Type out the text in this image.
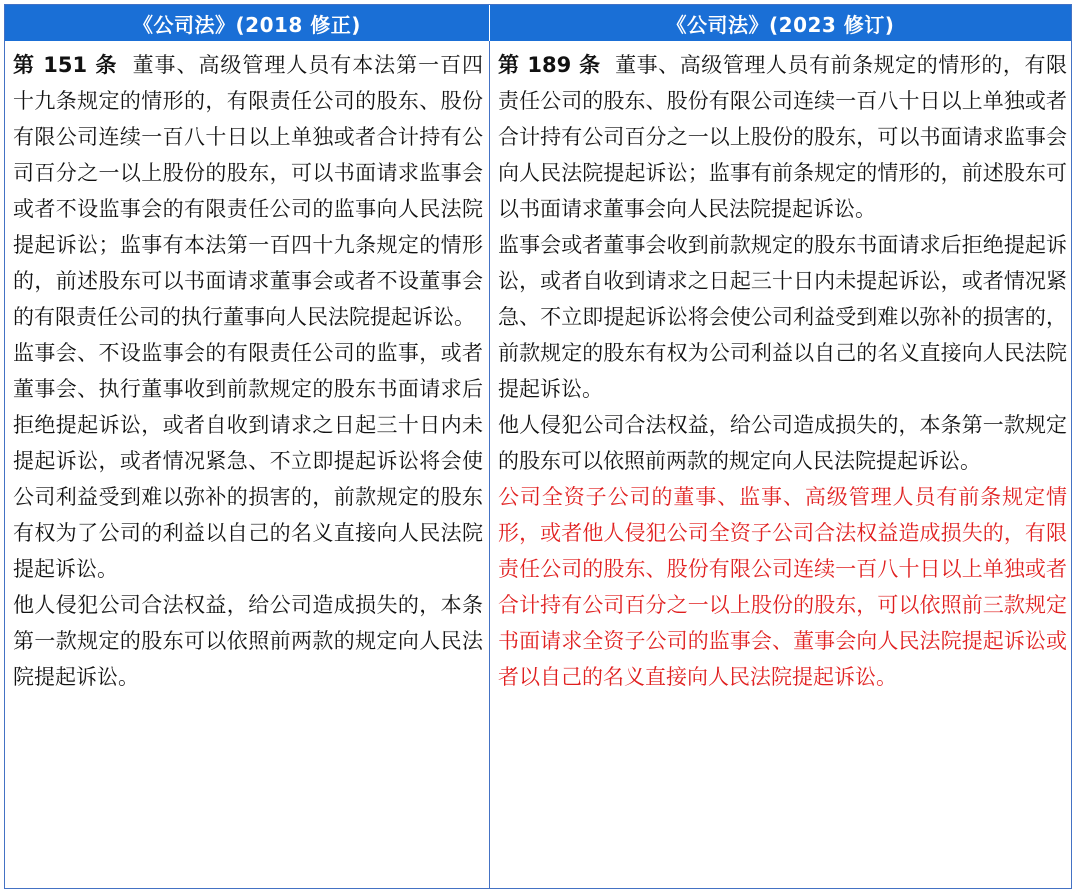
《公司法》(2018 修正)	《公司法》(2023 修订)

第 151 条 董事、高级管理人员有本法第一百四十九条规定的情形的，有限责任公司的股东、股份有限公司连续一百八十日以上单独或者合计持有公司百分之一以上股份的股东，可以书面请求监事会或者不设监事会的有限责任公司的监事向人民法院提起诉讼；监事有本法第一百四十九条规定的情形的，前述股东可以书面请求董事会或者不设董事会的有限责任公司的执行董事向人民法院提起诉讼。

监事会、不设监事会的有限责任公司的监事，或者董事会、执行董事收到前款规定的股东书面请求后拒绝提起诉讼，或者自收到请求之日起三十日内未提起诉讼，或者情况紧急、不立即提起诉讼将会使公司利益受到难以弥补的损害的，前款规定的股东有权为了公司的利益以自己的名义直接向人民法院提起诉讼。

他人侵犯公司合法权益，给公司造成损失的，本条第一款规定的股东可以依照前两款的规定向人民法院提起诉讼。

第 189 条 董事、高级管理人员有前条规定的情形的，有限责任公司的股东、股份有限公司连续一百八十日以上单独或者合计持有公司百分之一以上股份的股东，可以书面请求监事会向人民法院提起诉讼；监事有前条规定的情形的，前述股东可以书面请求董事会向人民法院提起诉讼。

监事会或者董事会收到前款规定的股东书面请求后拒绝提起诉讼，或者自收到请求之日起三十日内未提起诉讼，或者情况紧急、不立即提起诉讼将会使公司利益受到难以弥补的损害的，前款规定的股东有权为公司利益以自己的名义直接向人民法院提起诉讼。

他人侵犯公司合法权益，给公司造成损失的，本条第一款规定的股东可以依照前两款的规定向人民法院提起诉讼。

公司全资子公司的董事、监事、高级管理人员有前条规定情形，或者他人侵犯公司全资子公司合法权益造成损失的，有限责任公司的股东、股份有限公司连续一百八十日以上单独或者合计持有公司百分之一以上股份的股东，可以依照前三款规定书面请求全资子公司的监事会、董事会向人民法院提起诉讼或者以自己的名义直接向人民法院提起诉讼。
